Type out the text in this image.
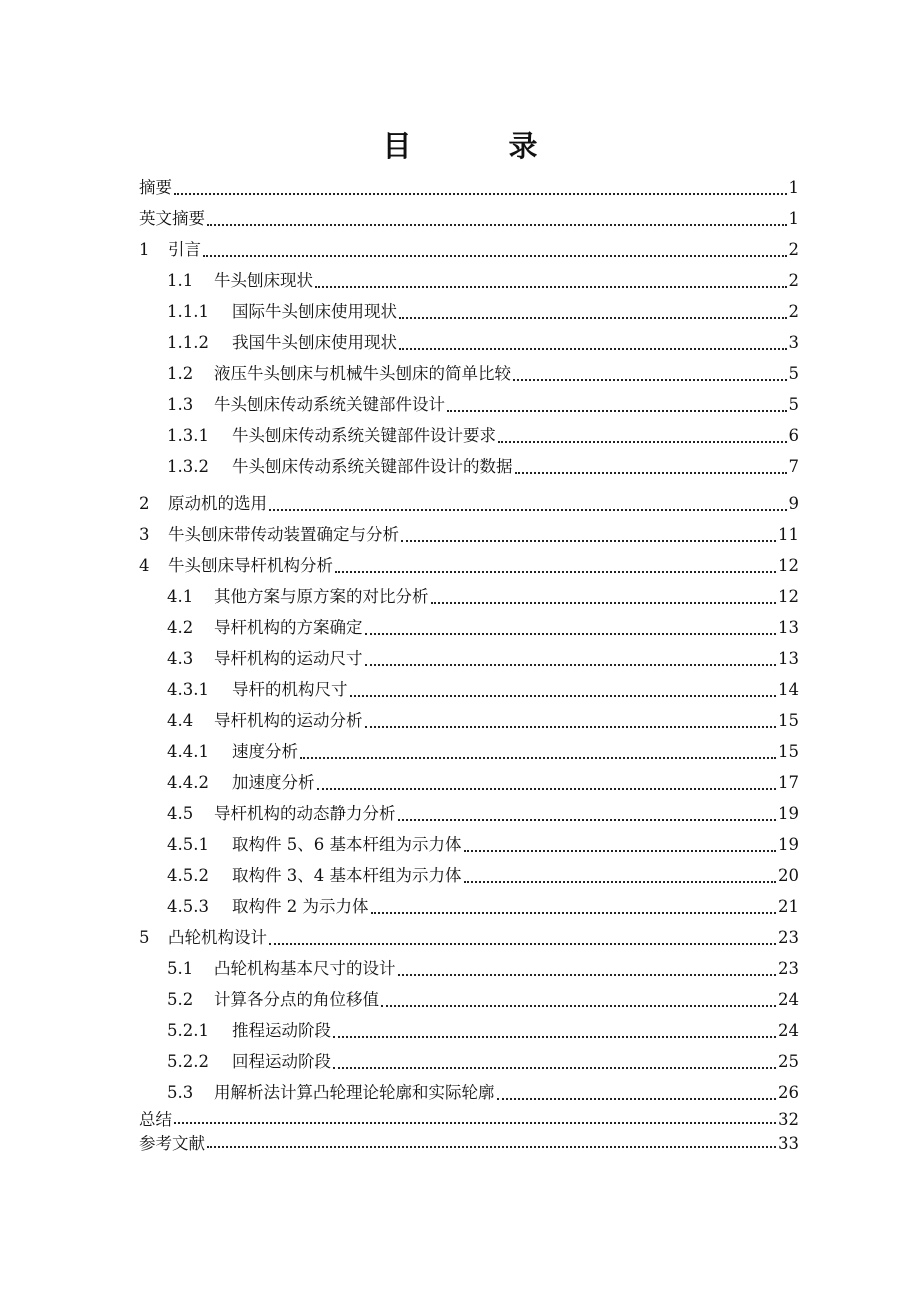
目　录
摘要	1
英文摘要	1
1	引言	2
1.1	牛头刨床现状	2
1.1.1	国际牛头刨床使用现状	2
1.1.2	我国牛头刨床使用现状	3
1.2	液压牛头刨床与机械牛头刨床的简单比较	5
1.3	牛头刨床传动系统关键部件设计	5
1.3.1	牛头刨床传动系统关键部件设计要求	6
1.3.2	牛头刨床传动系统关键部件设计的数据	7
2	原动机的选用	9
3	牛头刨床带传动装置确定与分析	11
4	牛头刨床导杆机构分析	12
4.1	其他方案与原方案的对比分析	12
4.2	导杆机构的方案确定	13
4.3	导杆机构的运动尺寸	13
4.3.1	导杆的机构尺寸	14
4.4	导杆机构的运动分析	15
4.4.1	速度分析	15
4.4.2	加速度分析	17
4.5	导杆机构的动态静力分析	19
4.5.1	取构件 5、6 基本杆组为示力体	19
4.5.2	取构件 3、4 基本杆组为示力体	20
4.5.3	取构件 2 为示力体	21
5	凸轮机构设计	23
5.1	凸轮机构基本尺寸的设计	23
5.2	计算各分点的角位移值	24
5.2.1	推程运动阶段	24
5.2.2	回程运动阶段	25
5.3	用解析法计算凸轮理论轮廓和实际轮廓	26
总结	32
参考文献	33
